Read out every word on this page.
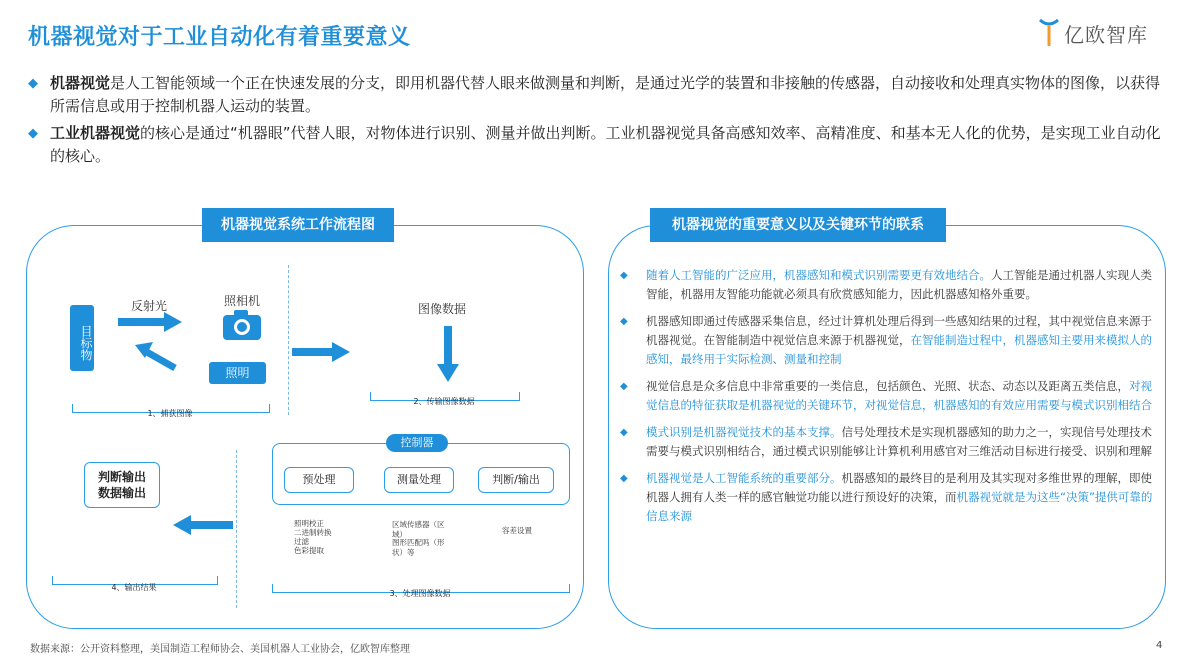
机器视觉对于工业自动化有着重要意义	亿欧智库
◆ 机器视觉是人工智能领域一个正在快速发展的分支，即用机器代替人眼来做测量和判断，是通过光学的装置和非接触的传感器，自动接收和处理真实物体的图像，以获得所需信息或用于控制机器人运动的装置。
◆ 工业机器视觉的核心是通过“机器眼”代替人眼，对物体进行识别、测量并做出判断。工业机器视觉具备高感知效率、高精准度、和基本无人化的优势，是实现工业自动化的核心。
机器视觉系统工作流程图
目标物
反射光	照相机
照明
1、捕获图像
图像数据
2、传输图像数据
控制器
预处理	测量处理	判断/输出
照明校正
二进制转换
过滤
色彩提取
区域传感器（区域）
图形匹配吗（形状）等
容差设置
3、处理图像数据
判断输出
数据输出
4、输出结果
机器视觉的重要意义以及关键环节的联系
◆ 随着人工智能的广泛应用，机器感知和模式识别需要更有效地结合。人工智能是通过机器人实现人类智能，机器用友智能功能就必须具有欣赏感知能力，因此机器感知格外重要。
◆ 机器感知即通过传感器采集信息，经过计算机处理后得到一些感知结果的过程，其中视觉信息来源于机器视觉。在智能制造中视觉信息来源于机器视觉，在智能制造过程中，机器感知主要用来模拟人的感知，最终用于实际检测、测量和控制
◆ 视觉信息是众多信息中非常重要的一类信息，包括颜色、光照、状态、动态以及距离五类信息，对视觉信息的特征获取是机器视觉的关键环节，对视觉信息，机器感知的有效应用需要与模式识别相结合
◆ 模式识别是机器视觉技术的基本支撑。信号处理技术是实现机器感知的助力之一，实现信号处理技术需要与模式识别相结合，通过模式识别能够让计算机利用感官对三维活动目标进行接受、识别和理解
◆ 机器视觉是人工智能系统的重要部分。机器感知的最终目的是利用及其实现对多维世界的理解，即使机器人拥有人类一样的感官触觉功能以进行预设好的决策，而机器视觉就是为这些“决策”提供可靠的信息来源
数据来源：公开资料整理，美国制造工程师协会、美国机器人工业协会，亿欧智库整理	4
